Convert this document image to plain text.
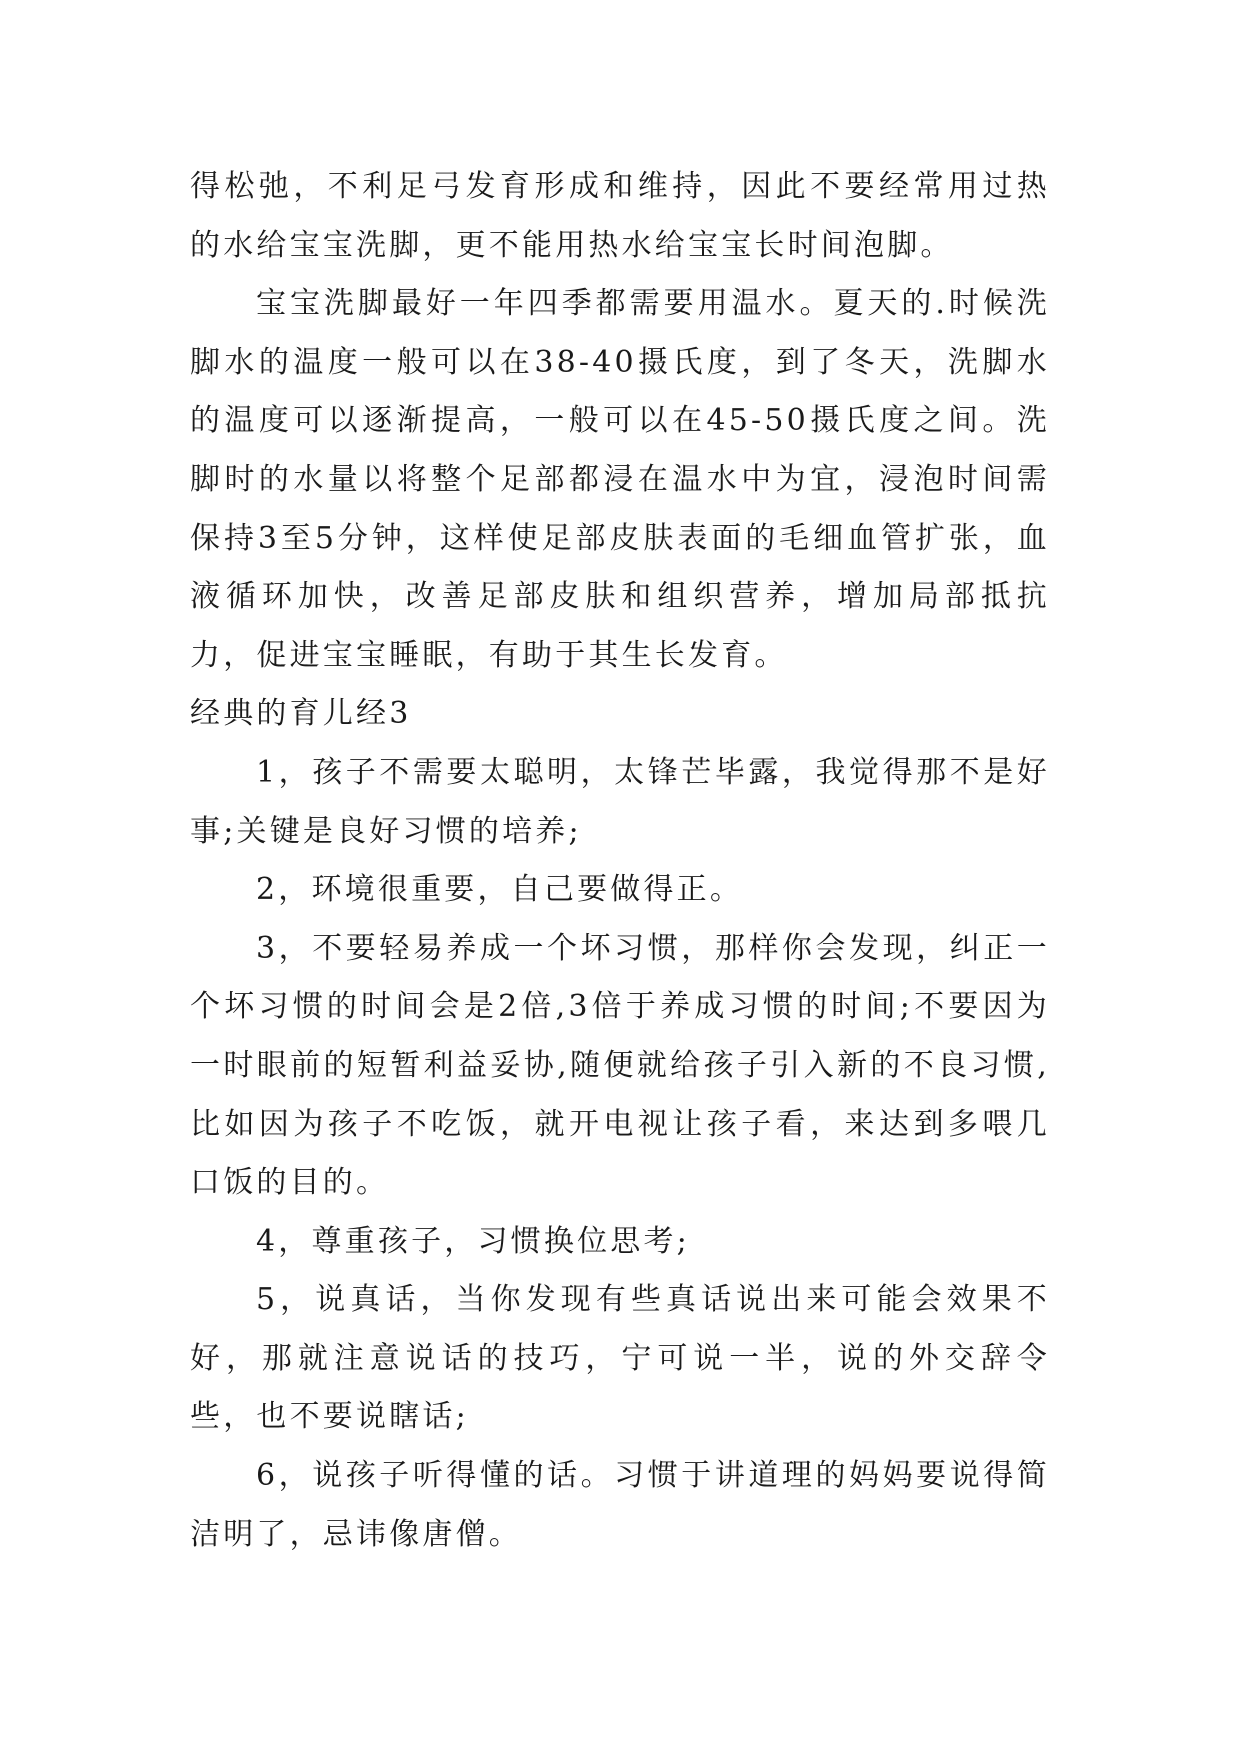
得松弛，不利足弓发育形成和维持，因此不要经常用过热的水给宝宝洗脚，更不能用热水给宝宝长时间泡脚。

宝宝洗脚最好一年四季都需要用温水。夏天的.时候洗脚水的温度一般可以在38-40摄氏度，到了冬天，洗脚水的温度可以逐渐提高，一般可以在45-50摄氏度之间。洗脚时的水量以将整个足部都浸在温水中为宜，浸泡时间需保持3至5分钟，这样使足部皮肤表面的毛细血管扩张，血液循环加快，改善足部皮肤和组织营养，增加局部抵抗力，促进宝宝睡眠，有助于其生长发育。

经典的育儿经3

1，孩子不需要太聪明，太锋芒毕露，我觉得那不是好事;关键是良好习惯的培养;

2，环境很重要，自己要做得正。

3，不要轻易养成一个坏习惯，那样你会发现，纠正一个坏习惯的时间会是2倍,3倍于养成习惯的时间;不要因为一时眼前的短暂利益妥协,随便就给孩子引入新的不良习惯,比如因为孩子不吃饭，就开电视让孩子看，来达到多喂几口饭的目的。

4，尊重孩子，习惯换位思考;

5，说真话，当你发现有些真话说出来可能会效果不好，那就注意说话的技巧，宁可说一半，说的外交辞令些，也不要说瞎话;

6，说孩子听得懂的话。习惯于讲道理的妈妈要说得简洁明了，忌讳像唐僧。
